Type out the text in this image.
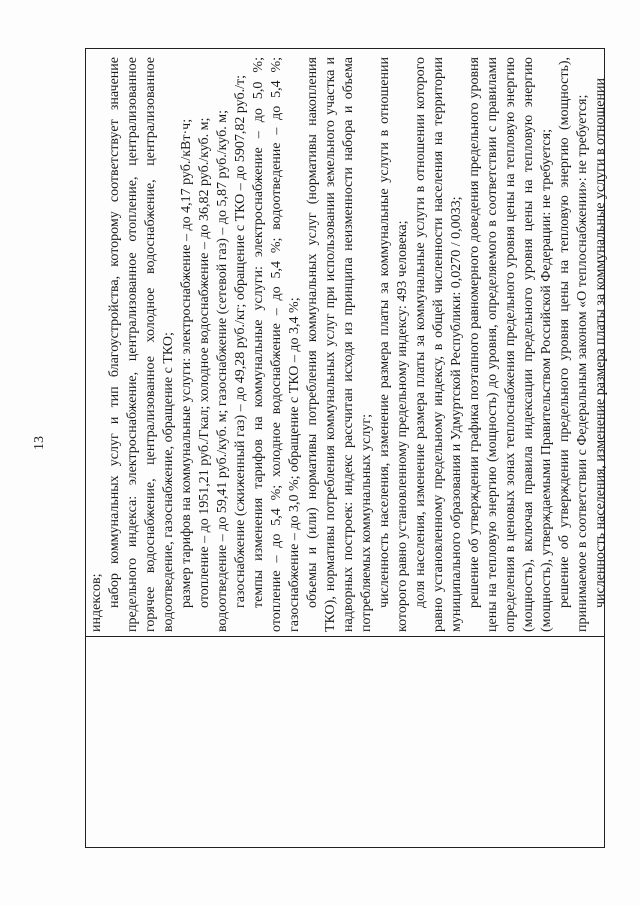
13

индексов; набор коммунальных услуг и тип благоустройства, которому соответствует значение предельного индекса: электроснабжение, централизованное отопление, централизованное горячее водоснабжение, централизованное холодное водоснабжение, централизованное водоотведение, газоснабжение, обращение с ТКО; размер тарифов на коммунальные услуги: электроснабжение – до 4,17 руб./кВт·ч; отопление – до 1951,21 руб./Гкал; холодное водоснабжение – до 36,82 руб./куб. м; водоотведение – до 59,41 руб./куб. м; газоснабжение (сетевой газ) – до 5,87 руб./куб. м; газоснабжение (сжиженный газ) – до 49,28 руб./кг; обращение с ТКО – до 5907,82 руб./т; темпы изменения тарифов на коммунальные услуги: электроснабжение – до 5,0 %; отопление – до 5,4 %; холодное водоснабжение – до 5,4 %; водоотведение – до 5,4 %; газоснабжение – до 3,0 %; обращение с ТКО – до 3,4 %; объемы и (или) нормативы потребления коммунальных услуг (нормативы накопления ТКО), нормативы потребления коммунальных услуг при использовании земельного участка и надворных построек: индекс рассчитан исходя из принципа неизменности набора и объема потребляемых коммунальных услуг; численность населения, изменение размера платы за коммунальные услуги в отношении которого равно установленному предельному индексу: 493 человека; доля населения, изменение размера платы за коммунальные услуги в отношении которого равно установленному предельному индексу, в общей численности населения на территории муниципального образования и Удмуртской Республики: 0,0270 / 0,0033; решение об утверждении графика поэтапного равномерного доведения предельного уровня цены на тепловую энергию (мощность) до уровня, определяемого в соответствии с правилами определения в ценовых зонах теплоснабжения предельного уровня цены на тепловую энергию (мощность), включая правила индексации предельного уровня цены на тепловую энергию (мощность), утверждаемыми Правительством Российской Федерации: не требуется; решение об утверждении предельного уровня цены на тепловую энергию (мощность), принимаемое в соответствии с Федеральным законом «О теплоснабжении»: не требуется; численность населения, изменение размера платы за коммунальные услуги в отношении
